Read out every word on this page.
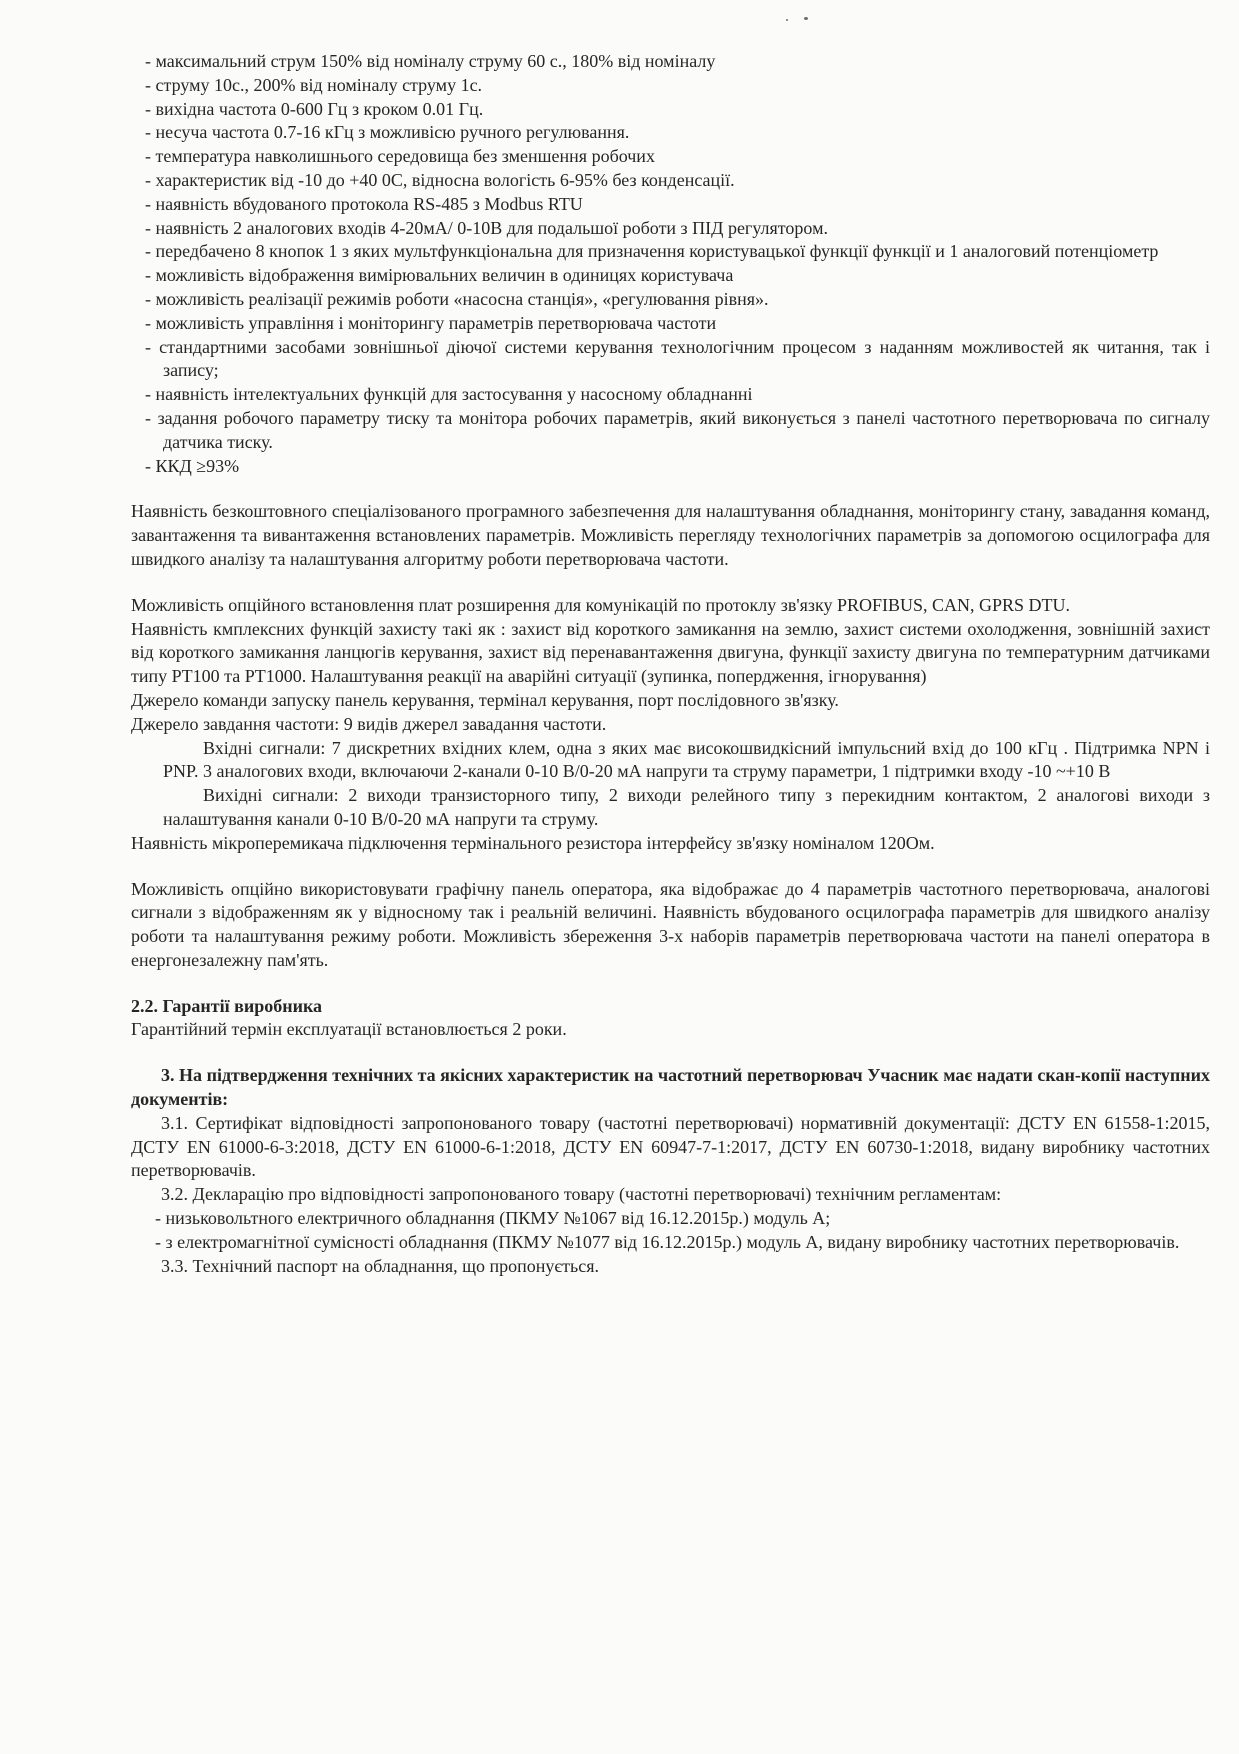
- максимальний струм 150% від номіналу струму 60 с., 180% від номіналу

- струму 10с., 200% від номіналу струму 1с.

- вихідна частота 0-600 Гц з кроком 0.01 Гц.

- несуча частота 0.7-16 кГц з можливісю ручного регулювання.

- температура навколишнього середовища без зменшення робочих

- характеристик від -10 до +40 0С, відносна вологість 6-95% без конденсації.

- наявність вбудованого протокола RS-485 з Modbus RTU

- наявність 2 аналогових входів 4-20мА/ 0-10В для подальшої роботи з ПІД регулятором.

- передбачено 8 кнопок 1 з яких мультфункціональна для призначення користувацької функції функції и 1 аналоговий потенціометр

- можливість відображення вимірювальних величин в одиницях користувача

- можливість реалізації режимів роботи «насосна станція», «регулювання рівня».

- можливість управління і моніторингу параметрів перетворювача частоти

- стандартними засобами зовнішньої діючої системи керування технологічним процесом з наданням можливостей як читання, так і запису;

- наявність інтелектуальних функцій для застосування у насосному обладнанні

- задання робочого параметру тиску та монітора робочих параметрів, який виконується з панелі частотного перетворювача по сигналу датчика тиску.

- ККД ≥93%

Наявність безкоштовного спеціалізованого програмного забезпечення для налаштування обладнання, моніторингу стану, завадання команд, завантаження та вивантаження встановлених параметрів. Можливість перегляду технологічних параметрів за допомогою осцилографа для швидкого аналізу та налаштування алгоритму роботи перетворювача частоти.

Можливість опційного встановлення плат розширення для комунікацій по протоклу зв'язку PROFIBUS, CAN, GPRS DTU.

Наявність кмплексних функцій захисту такі як : захист від короткого замикання на землю, захист системи охолодження, зовнішній захист від короткого замикання ланцюгів керування, захист від перенавантаження двигуна, функції захисту двигуна по температурним датчиками типу PT100 та PT1000. Налаштування реакції на аварійні ситуації (зупинка, попердження, ігнорування)

Джерело команди запуску панель керування, термінал керування, порт послідовного зв'язку.

Джерело завдання частоти: 9 видів джерел завадання частоти.

Вхідні сигнали: 7 дискретних вхідних клем, одна з яких має високошвидкісний імпульсний вхід до 100 кГц . Підтримка NPN і PNP. 3 аналогових входи, включаючи 2-канали 0-10 В/0-20 мА напруги та струму параметри, 1 підтримки входу -10 ~+10 В

Вихідні сигнали: 2 виходи транзисторного типу, 2 виходи релейного типу з перекидним контактом, 2 аналогові виходи з налаштування канали 0-10 В/0-20 мА напруги та струму.

Наявність мікроперемикача підключення термінального резистора інтерфейсу зв'язку номіналом 120Ом.

Можливість опційно використовувати графічну панель оператора, яка відображає до 4 параметрів частотного перетворювача, аналогові сигнали з відображенням як у відносному так і реальній величині. Наявність вбудованого осцилографа параметрів для швидкого аналізу роботи та налаштування режиму роботи. Можливість збереження 3-х наборів параметрів перетворювача частоти на панелі оператора в енергонезалежну пам'ять.

2.2. Гарантії виробника

Гарантійний термін експлуатації встановлюється 2 роки.

3. На підтвердження технічних та якісних характеристик на частотний перетворювач Учасник має надати скан-копії наступних документів:

3.1. Сертифікат відповідності запропонованого товару (частотні перетворювачі) нормативній документації: ДСТУ EN 61558-1:2015, ДСТУ EN 61000-6-3:2018, ДСТУ EN 61000-6-1:2018, ДСТУ EN 60947-7-1:2017, ДСТУ EN 60730-1:2018, видану виробнику частотних перетворювачів.

3.2. Декларацію про відповідності запропонованого товару (частотні перетворювачі) технічним регламентам:

- низьковольтного електричного обладнання (ПКМУ №1067 від 16.12.2015р.) модуль А;

- з електромагнітної сумісності обладнання (ПКМУ №1077 від 16.12.2015р.) модуль А, видану виробнику частотних перетворювачів.

3.3. Технічний паспорт на обладнання, що пропонується.
